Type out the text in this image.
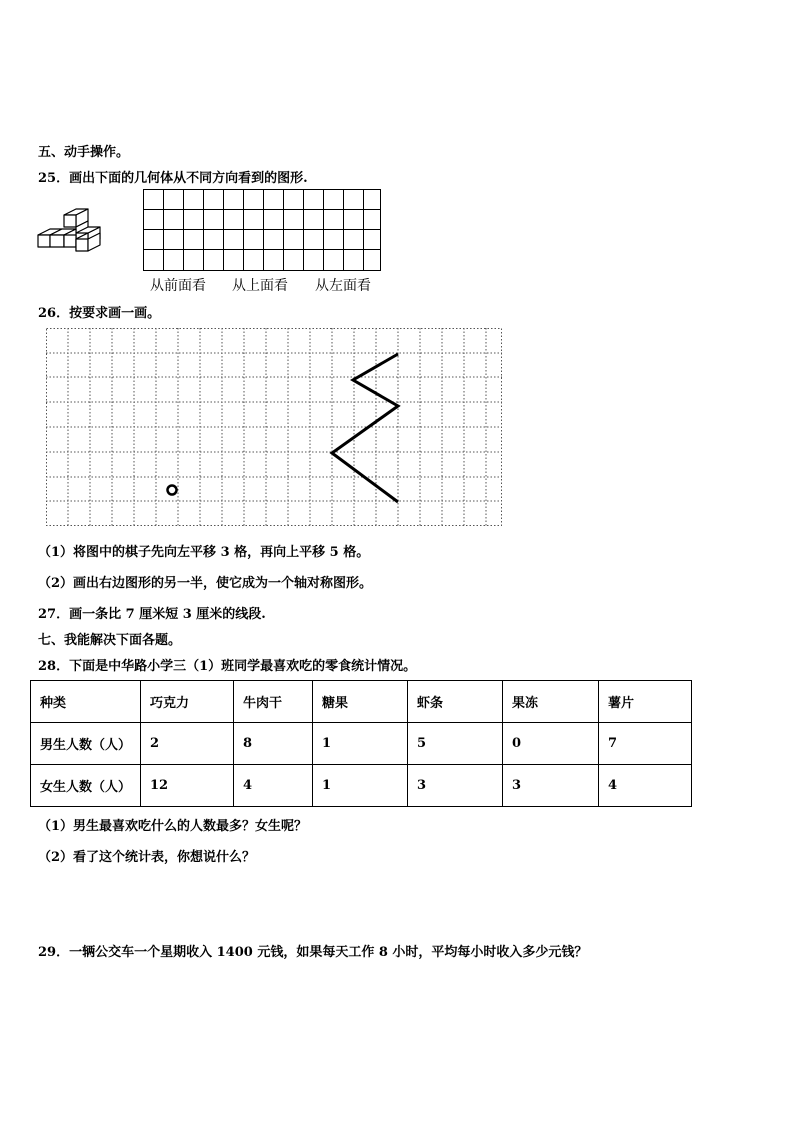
五、动手操作。
25．画出下面的几何体从不同方向看到的图形.
从前面看 从上面看 从左面看
26．按要求画一画。
（1）将图中的棋子先向左平移 3 格，再向上平移 5 格。
（2）画出右边图形的另一半，使它成为一个轴对称图形。
27．画一条比 7 厘米短 3 厘米的线段.
七、我能解决下面各题。
28．下面是中华路小学三（1）班同学最喜欢吃的零食统计情况。
种类	巧克力	牛肉干	糖果	虾条	果冻	薯片
男生人数（人）	2	8	1	5	0	7
女生人数（人）	12	4	1	3	3	4
（1）男生最喜欢吃什么的人数最多？女生呢？
（2）看了这个统计表，你想说什么？
29．一辆公交车一个星期收入 1400 元钱，如果每天工作 8 小时，平均每小时收入多少元钱？
